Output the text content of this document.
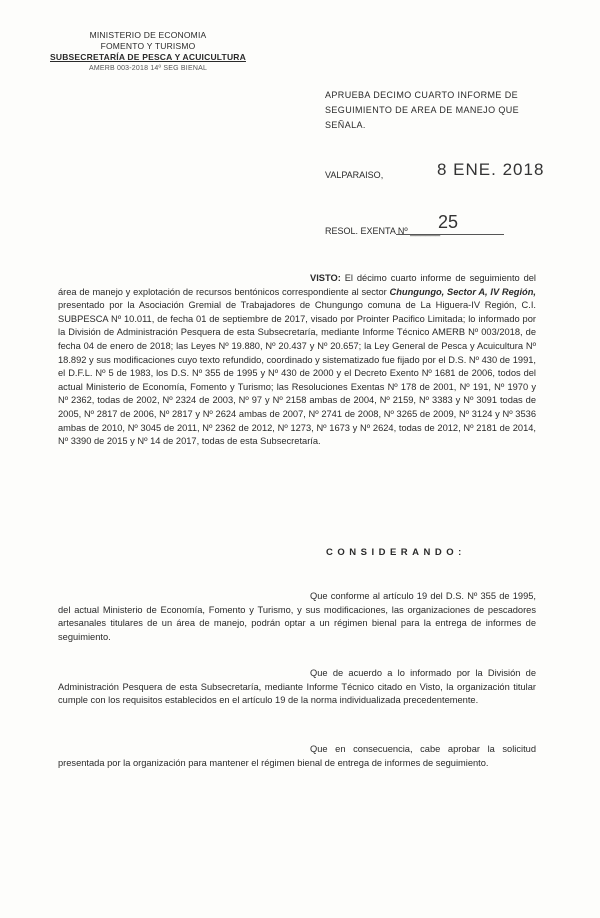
MINISTERIO DE ECONOMIA
FOMENTO Y TURISMO
SUBSECRETARÍA DE PESCA Y ACUICULTURA
AMERB 003-2018 14º SEG BIENAL
APRUEBA DECIMO CUARTO INFORME DE SEGUIMIENTO DE AREA DE MANEJO QUE SEÑALA.
VALPARAISO,	8 ENE. 2018
RESOL. EXENTA Nº ______
25
VISTO: El décimo cuarto informe de seguimiento del área de manejo y explotación de recursos bentónicos correspondiente al sector Chungungo, Sector A, IV Región, presentado por la Asociación Gremial de Trabajadores de Chungungo comuna de La Higuera-IV Región, C.I. SUBPESCA Nº 10.011, de fecha 01 de septiembre de 2017, visado por Prointer Pacifico Limitada; lo informado por la División de Administración Pesquera de esta Subsecretaría, mediante Informe Técnico AMERB Nº 003/2018, de fecha 04 de enero de 2018; las Leyes Nº 19.880, Nº 20.437 y Nº 20.657; la Ley General de Pesca y Acuicultura Nº 18.892 y sus modificaciones cuyo texto refundido, coordinado y sistematizado fue fijado por el D.S. Nº 430 de 1991, el D.F.L. Nº 5 de 1983, los D.S. Nº 355 de 1995 y Nº 430 de 2000 y el Decreto Exento Nº 1681 de 2006, todos del actual Ministerio de Economía, Fomento y Turismo; las Resoluciones Exentas Nº 178 de 2001, Nº 191, Nº 1970 y Nº 2362, todas de 2002, Nº 2324 de 2003, Nº 97 y Nº 2158 ambas de 2004, Nº 2159, Nº 3383 y Nº 3091 todas de 2005, Nº 2817 de 2006, Nº 2817 y Nº 2624 ambas de 2007, Nº 2741 de 2008, Nº 3265 de 2009, Nº 3124 y Nº 3536 ambas de 2010, Nº 3045 de 2011, Nº 2362 de 2012, Nº 1273, Nº 1673 y Nº 2624, todas de 2012, Nº 2181 de 2014, Nº 3390 de 2015 y Nº 14 de 2017, todas de esta Subsecretaría.
CONSIDERANDO:
Que conforme al artículo 19 del D.S. Nº 355 de 1995, del actual Ministerio de Economía, Fomento y Turismo, y sus modificaciones, las organizaciones de pescadores artesanales titulares de un área de manejo, podrán optar a un régimen bienal para la entrega de informes de seguimiento.
Que de acuerdo a lo informado por la División de Administración Pesquera de esta Subsecretaría, mediante Informe Técnico citado en Visto, la organización titular cumple con los requisitos establecidos en el artículo 19 de la norma individualizada precedentemente.
Que en consecuencia, cabe aprobar la solicitud presentada por la organización para mantener el régimen bienal de entrega de informes de seguimiento.
